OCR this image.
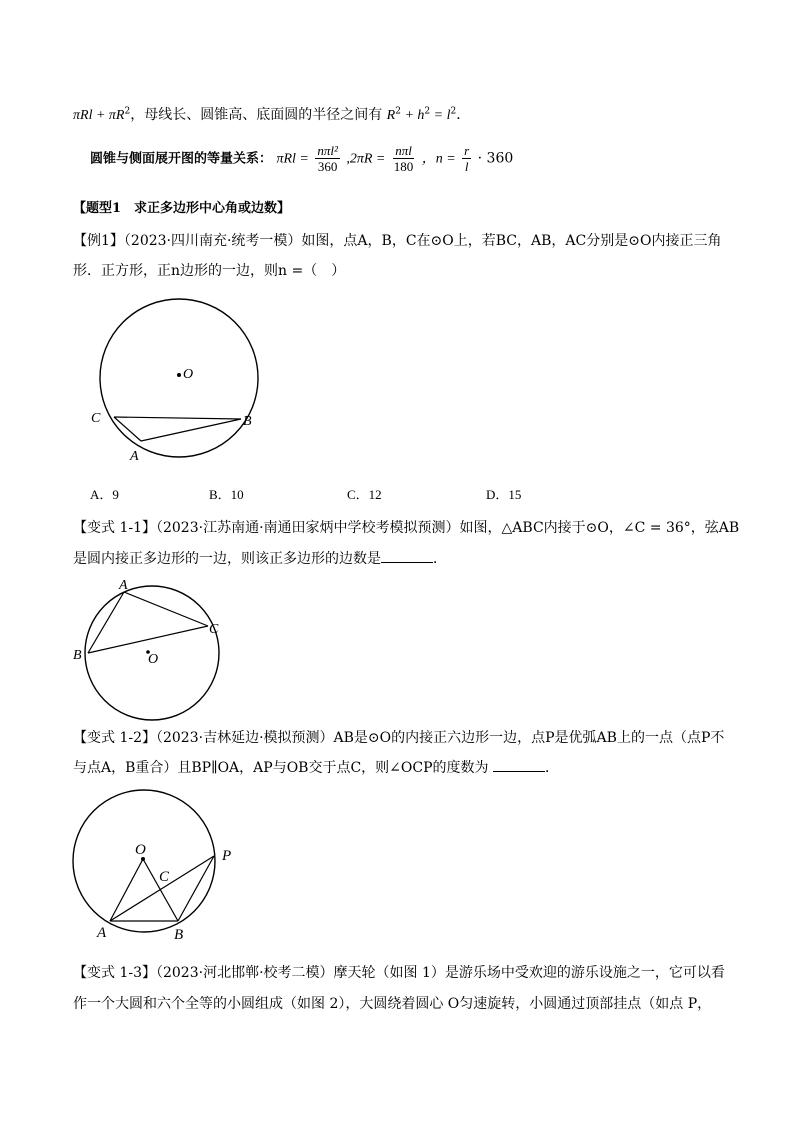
$\pi Rl + \pi R^2$，母线长、圆锥高、底面圆的半径之间有 $R^2 + h^2 = l^2$．
圆锥与侧面展开图的等量关系： $\pi Rl = \frac{\text{nπl²}}{360} ,2\pi R = \frac{\text{nπl}}{180}$ ，$n = \frac{r}{l} \cdot 360$
【题型1　求正多边形中心角或边数】
【例1】（2023·四川南充·统考一模）如图，点A，B，C在⊙O上，若BC，AB，AC分别是⊙O内接正三角
形．正方形，正n边形的一边，则n =（　）
O
C	B
A
A．9	B．10	C．12	D．15
【变式 1-1】（2023·江苏南通·南通田家炳中学校考模拟预测）如图，△ABC内接于⊙O，∠C = 36°，弦AB
是圆内接正多边形的一边，则该正多边形的边数是	．
A
B
C
O
【变式 1-2】（2023·吉林延边·模拟预测）AB是⊙O的内接正六边形一边，点P是优弧AB上的一点（点P不
与点A，B重合）且BP∥OA，AP与OB交于点C，则∠OCP的度数为	．
O
C
P
A	B
【变式 1-3】（2023·河北邯郸·校考二模）摩天轮（如图 1）是游乐场中受欢迎的游乐设施之一，它可以看
作一个大圆和六个全等的小圆组成（如图 2），大圆绕着圆心 O匀速旋转，小圆通过顶部挂点（如点 P，
